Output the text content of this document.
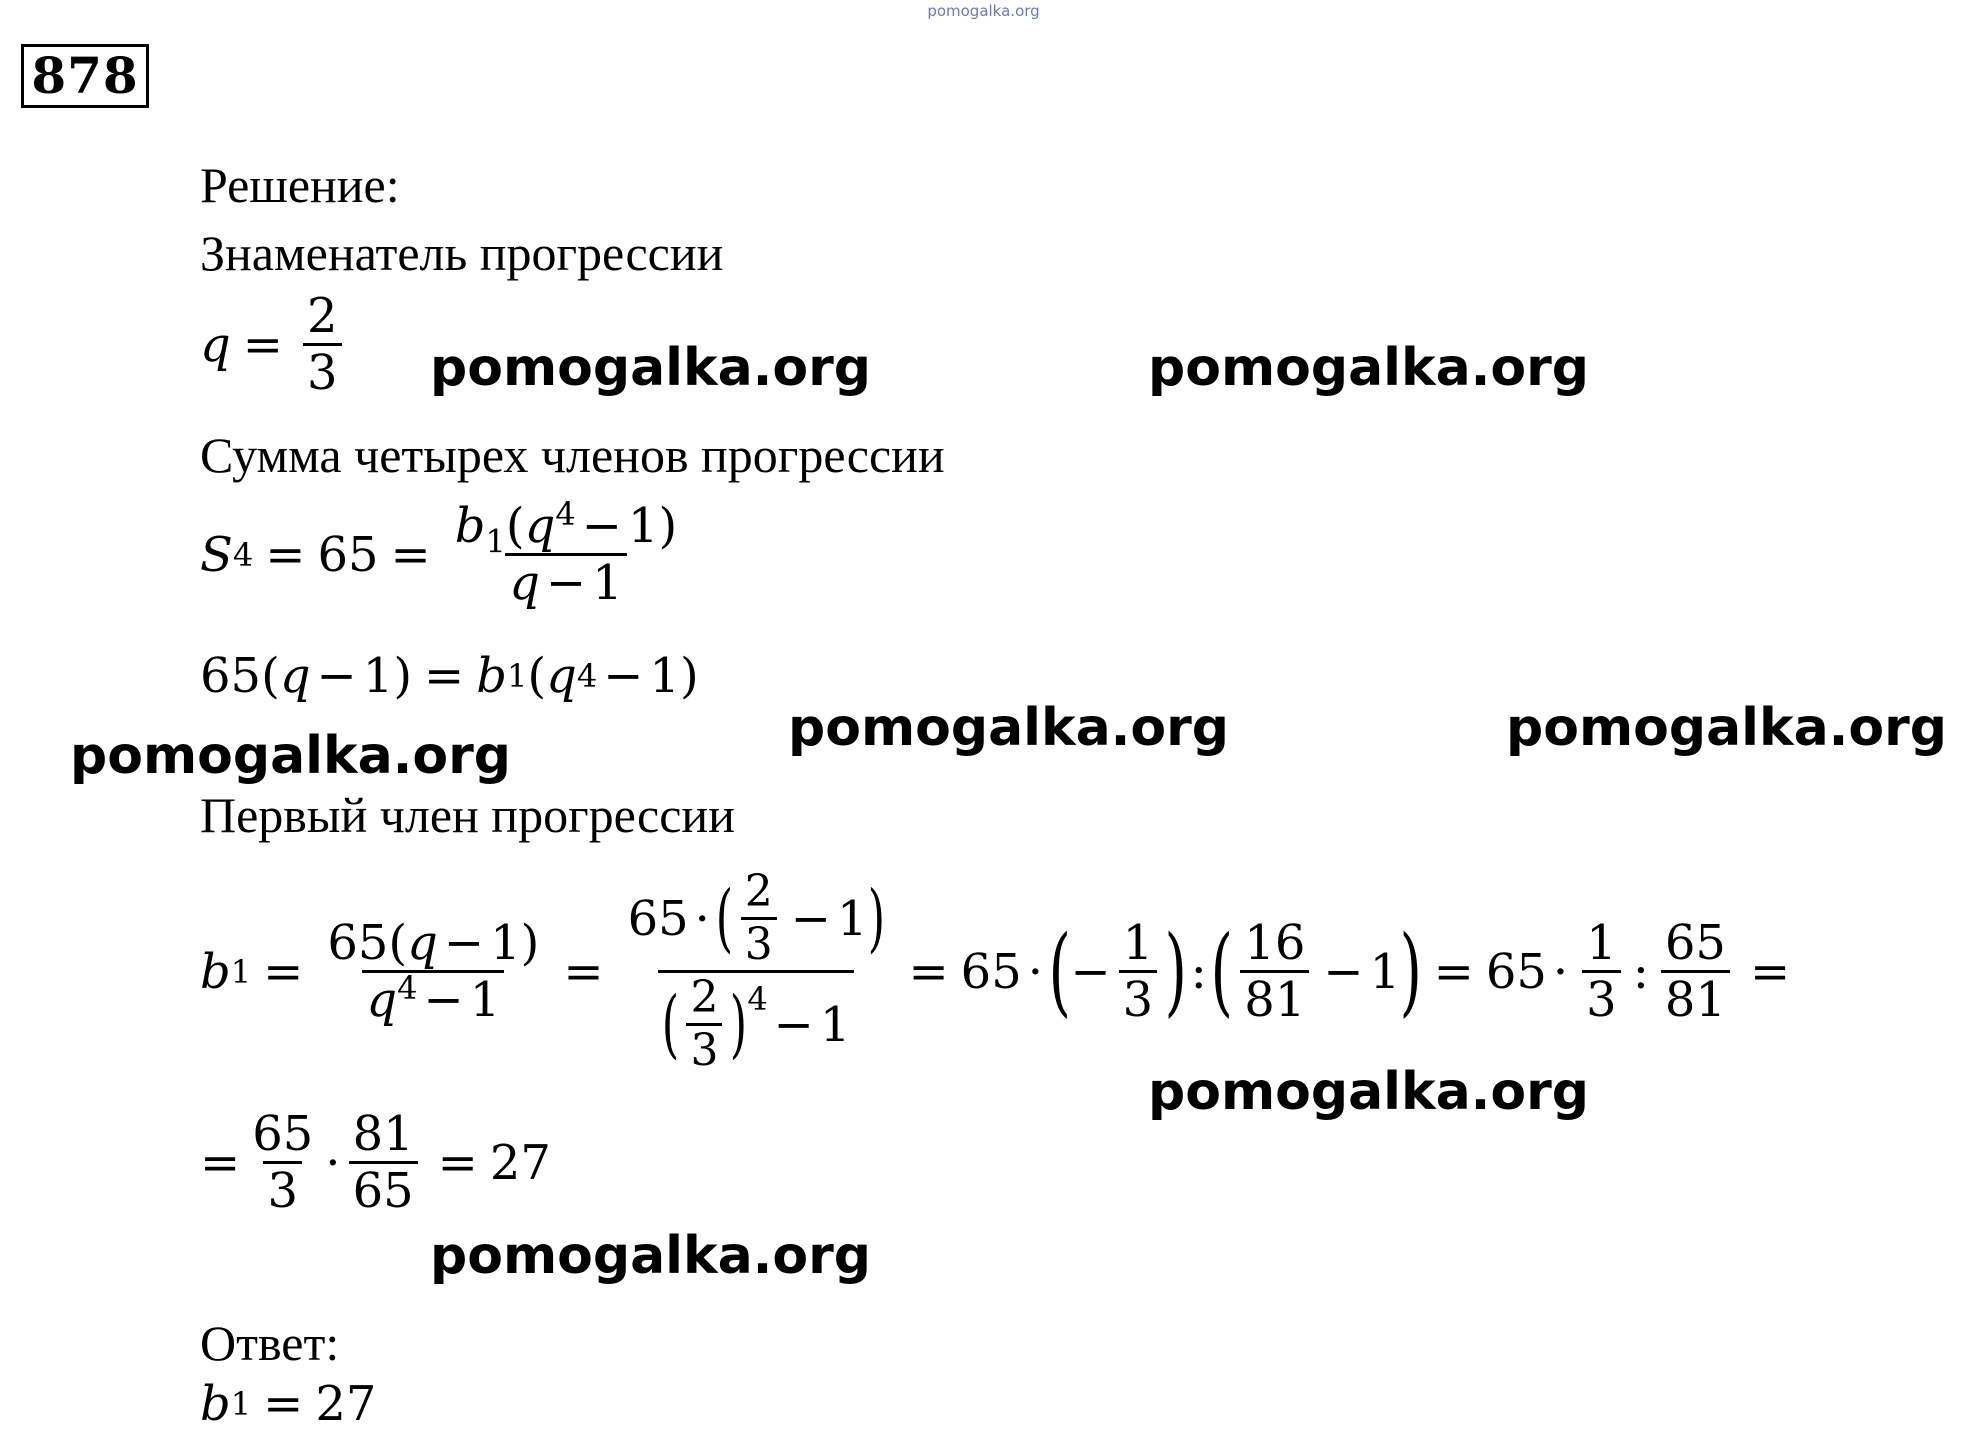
pomogalka.org
878
Решение:
Знаменатель прогрессии
$q = \frac{2}{3}$
Сумма четырех членов прогрессии
S $4 = 65 = \frac{b_1(q^4 - 1)}{q - 1}$
65 ( q − 1 ) = b 1 ( q 4 − 1 )
Первый член прогрессии
b $1 = \frac{65(q - 1)}{q^4 - 1}$ =
65 · ( $\frac{2}{3} - 1$ )
( $\frac{2}{3} )^4 - 1$
= 65 · ( − $\frac{1}{3}$ ) : ( $\frac{16}{81} - 1$ ) = $65 \cdot \frac{1}{3}$ : $\frac{65}{81}$ =
= $\frac{65}{3} \cdot \frac{81}{65} = 27$
Ответ:
b 1 = 27
pomogalka.org	pomogalka.org
pomogalka.org	pomogalka.org	pomogalka.org
pomogalka.org
pomogalka.org
